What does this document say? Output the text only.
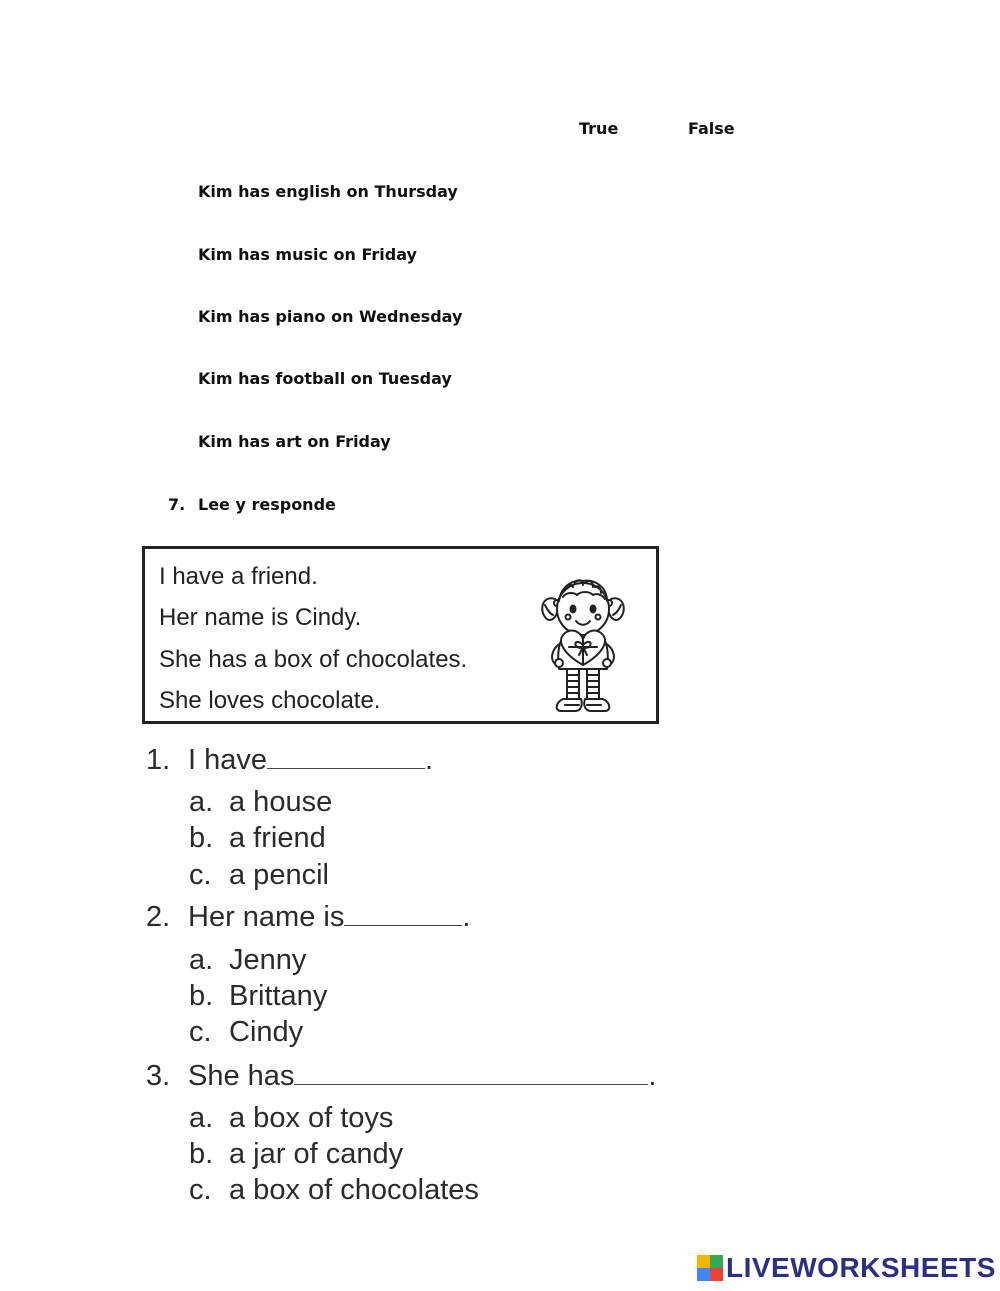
True	False
Kim has english on Thursday
Kim has music on Friday
Kim has piano on Wednesday
Kim has football on Tuesday
Kim has art on Friday
7. Lee y responde
I have a friend.
Her name is Cindy.
She has a box of chocolates.
She loves chocolate.
1. I have	.
a. a house
b. a friend
c. a pencil
2. Her name is	.
a. Jenny
b. Brittany
c. Cindy
3. She has	.
a. a box of toys
b. a jar of candy
c. a box of chocolates
LIVEWORKSHEETS
